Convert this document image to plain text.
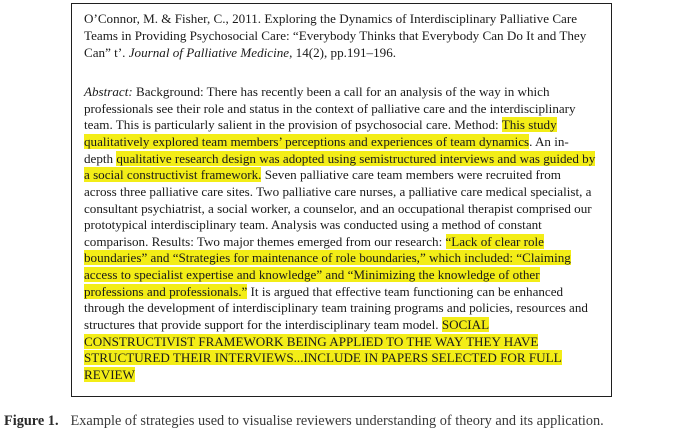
O’Connor, M. & Fisher, C., 2011. Exploring the Dynamics of Interdisciplinary Palliative Care
Teams in Providing Psychosocial Care: “Everybody Thinks that Everybody Can Do It and They
Can” t’. Journal of Palliative Medicine, 14(2), pp.191–196.
Abstract: Background: There has recently been a call for an analysis of the way in which
professionals see their role and status in the context of palliative care and the interdisciplinary
team. This is particularly salient in the provision of psychosocial care. Method: This study
qualitatively explored team members’ perceptions and experiences of team dynamics. An in-
depth qualitative research design was adopted using semistructured interviews and was guided by
a social constructivist framework. Seven palliative care team members were recruited from
across three palliative care sites. Two palliative care nurses, a palliative care medical specialist, a
consultant psychiatrist, a social worker, a counselor, and an occupational therapist comprised our
prototypical interdisciplinary team. Analysis was conducted using a method of constant
comparison. Results: Two major themes emerged from our research: “Lack of clear role
boundaries” and “Strategies for maintenance of role boundaries,” which included: “Claiming
access to specialist expertise and knowledge” and “Minimizing the knowledge of other
professions and professionals.” It is argued that effective team functioning can be enhanced
through the development of interdisciplinary team training programs and policies, resources and
structures that provide support for the interdisciplinary team model. SOCIAL
CONSTRUCTIVIST FRAMEWORK BEING APPLIED TO THE WAY THEY HAVE
STRUCTURED THEIR INTERVIEWS...INCLUDE IN PAPERS SELECTED FOR FULL
REVIEW
Figure 1. Example of strategies used to visualise reviewers understanding of theory and its application.
